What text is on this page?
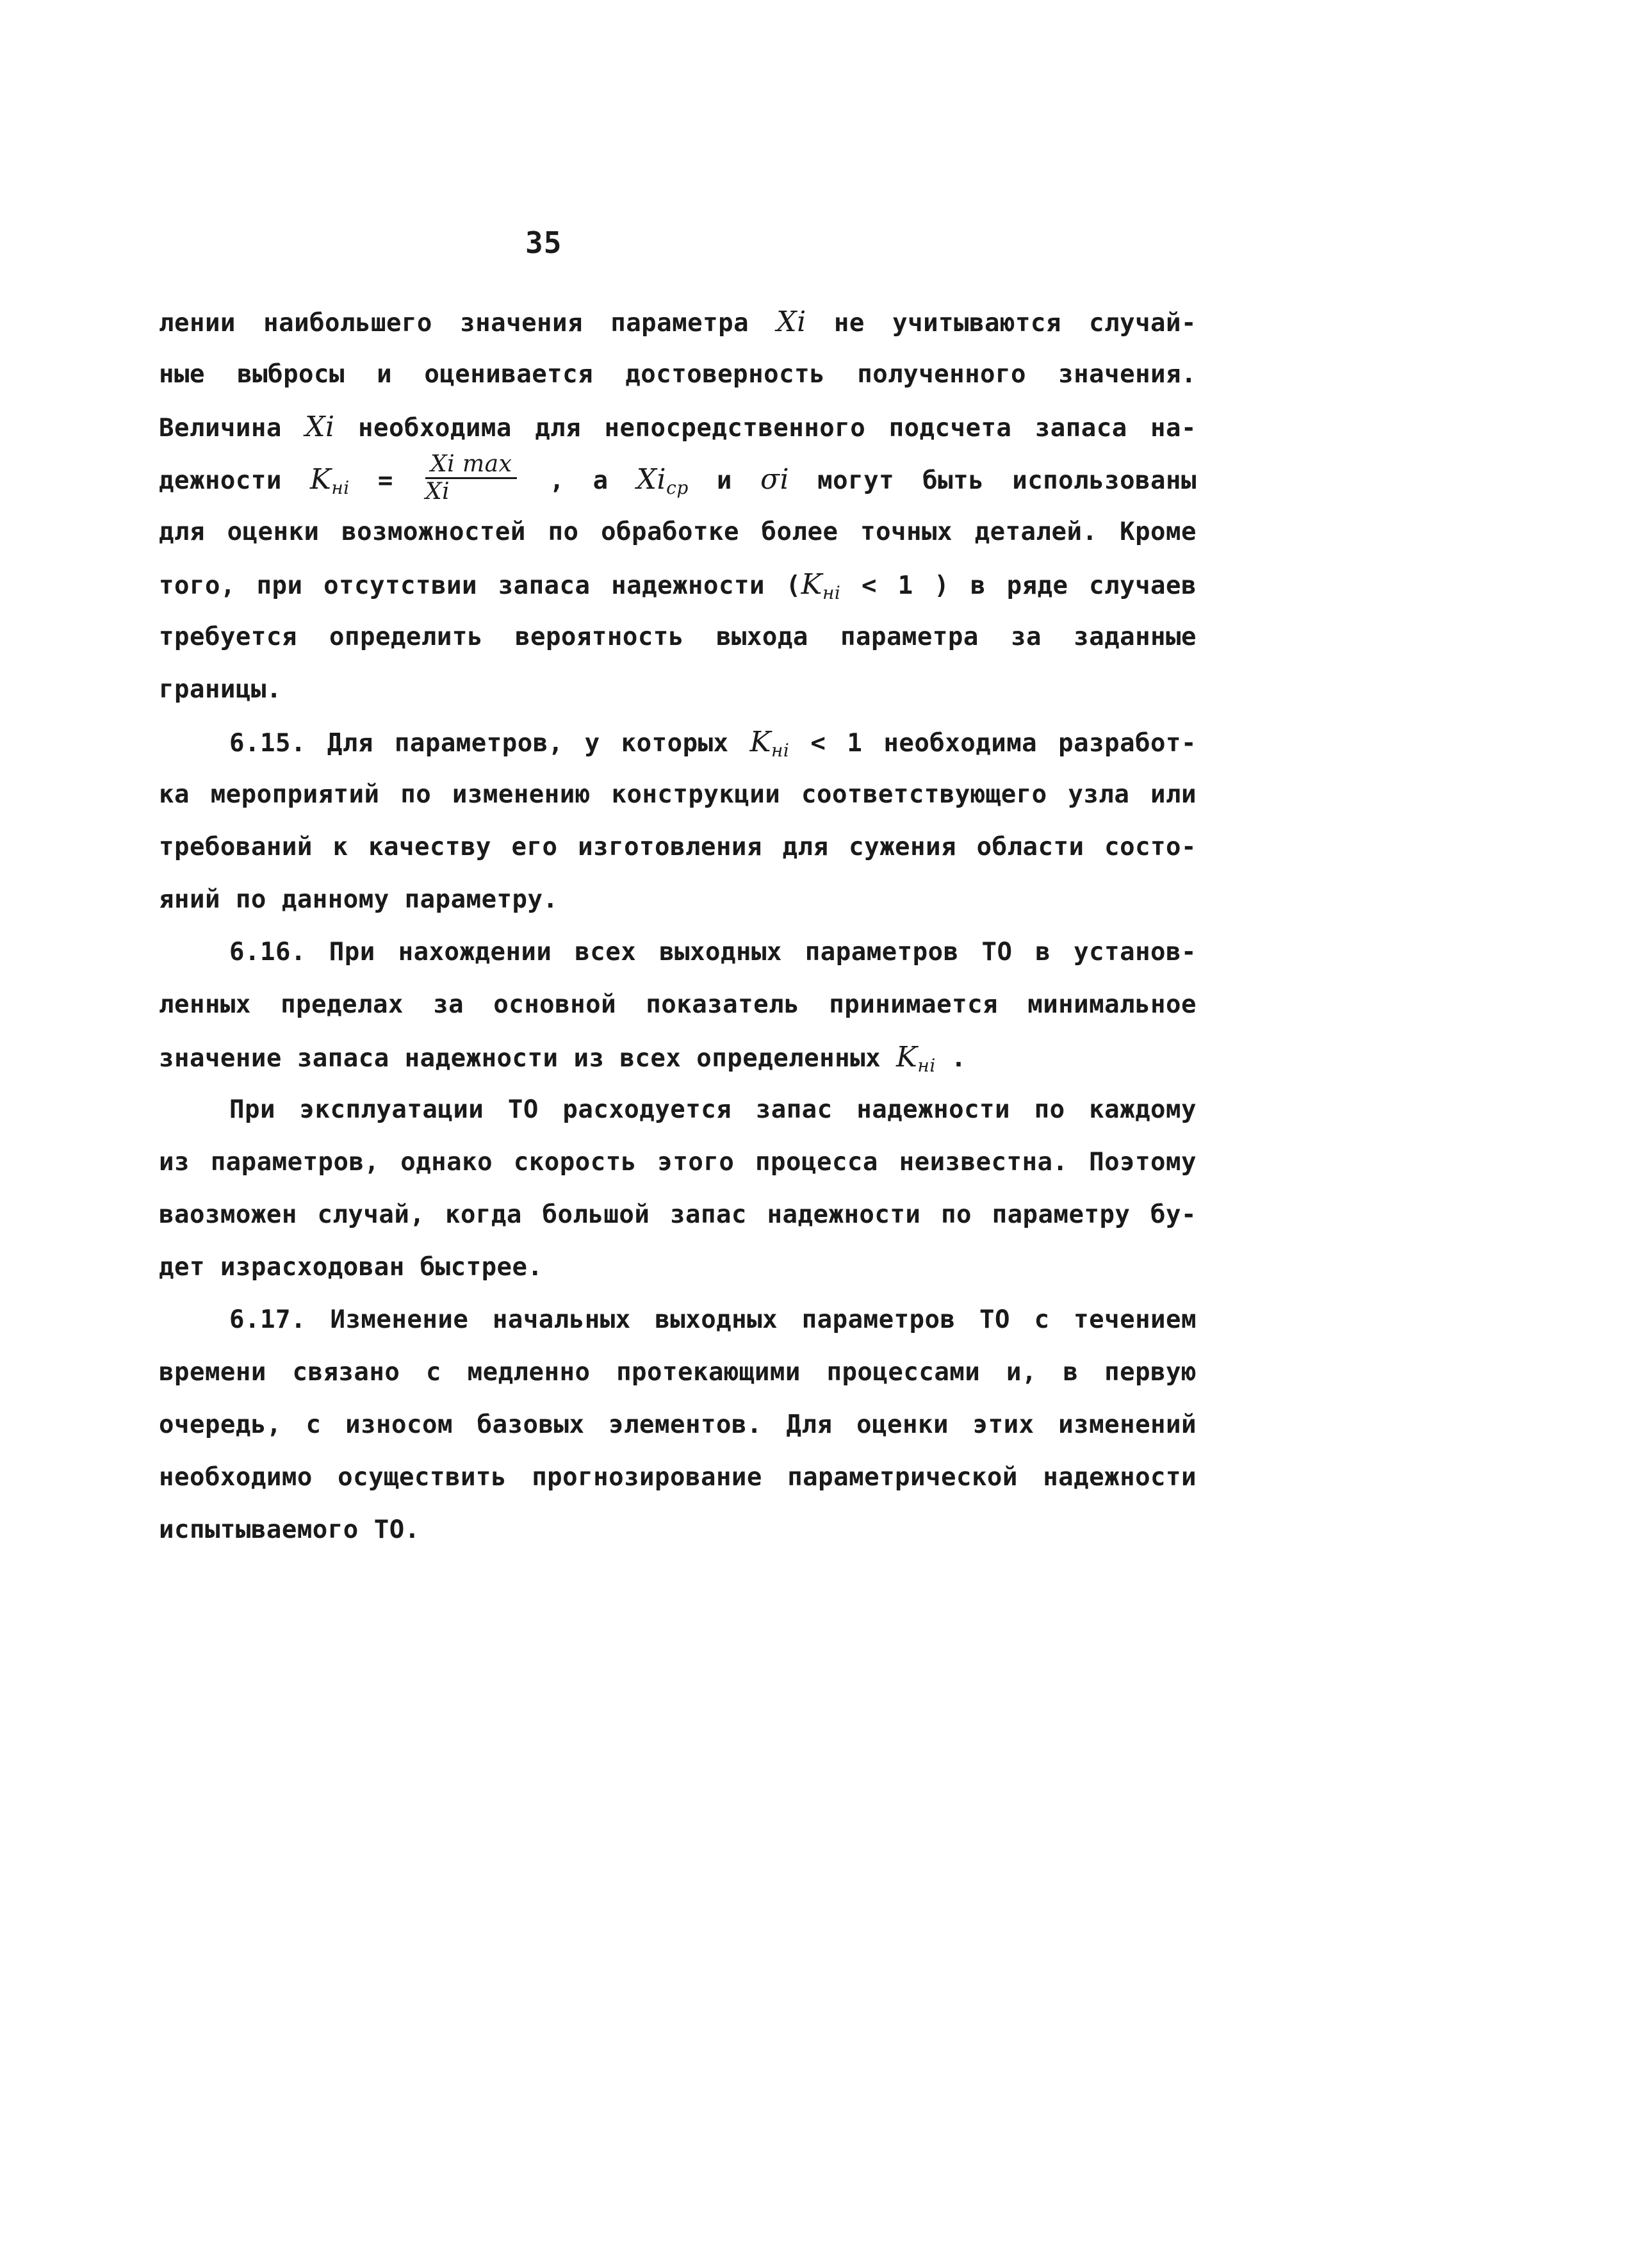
35
лении наибольшего значения параметра Xi не учитываются случай-
ные выбросы и оценивается достоверность полученного значения.
Величина Xi необходима для непосредственного подсчета запаса на-
дежности $K_{нi} = \frac{\text{Xi max}}{Xi}$ , а $Xi_{ср}$ и σi могут быть использованы
для оценки возможностей по обработке более точных деталей. Кроме
того, при отсутствии запаса надежности ($K_{нi} < 1$ ) в ряде случаев
требуется определить вероятность выхода параметра за заданные
границы.
6.15. Для параметров, у которых $K_{нi} < 1$ необходима разработ-
ка мероприятий по изменению конструкции соответствующего узла или
требований к качеству его изготовления для сужения области состо-
яний по данному параметру.
6.16. При нахождении всех выходных параметров ТО в установ-
ленных пределах за основной показатель принимается минимальное
значение запаса надежности из всех определенных $K_{нi}$ .
При эксплуатации ТО расходуется запас надежности по каждому
из параметров, однако скорость этого процесса неизвестна. Поэтому
ваозможен случай, когда большой запас надежности по параметру бу-
дет израсходован быстрее.
6.17. Изменение начальных выходных параметров ТО с течением
времени связано с медленно протекающими процессами и, в первую
очередь, с износом базовых элементов. Для оценки этих изменений
необходимо осуществить прогнозирование параметрической надежности
испытываемого ТО.
